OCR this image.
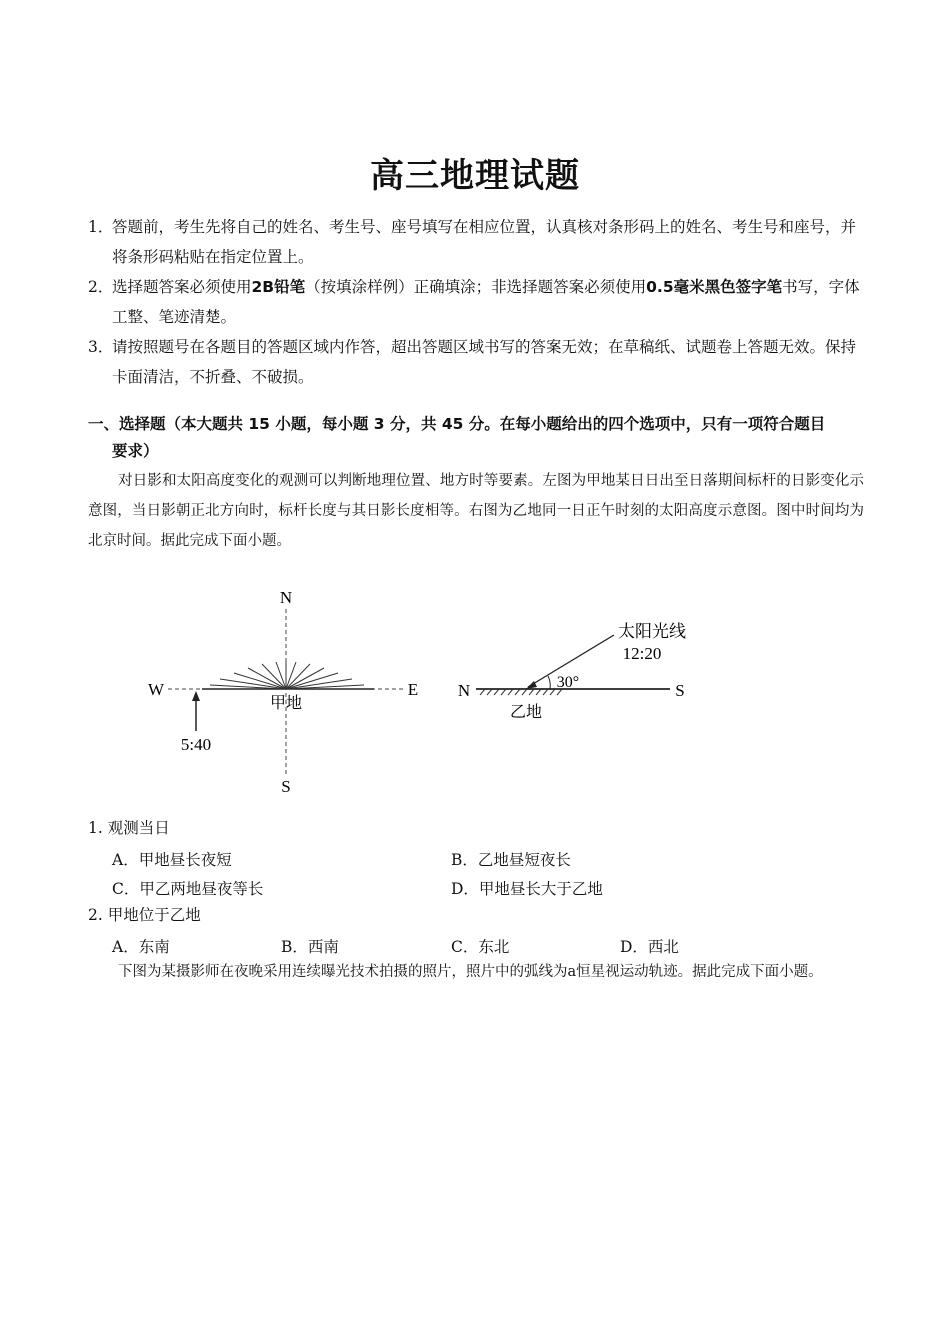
高三地理试题
1．
答题前，考生先将自己的姓名、考生号、座号填写在相应位置，认真核对条形码上的姓名、考生号和座号，并将条形码粘贴在指定位置上。
2．
选择题答案必须使用2B铅笔（按填涂样例）正确填涂；非选择题答案必须使用0.5毫米黑色签字笔书写，字体工整、笔迹清楚。
3．
请按照题号在各题目的答题区域内作答，超出答题区域书写的答案无效；在草稿纸、试题卷上答题无效。保持卡面清洁，不折叠、不破损。
一、选择题（本大题共 15 小题，每小题 3 分，共 45 分。在每小题给出的四个选项中，只有一项符合题目
要求）
对日影和太阳高度变化的观测可以判断地理位置、地方时等要素。左图为甲地某日日出至日落期间标杆的日影变化示意图，当日影朝正北方向时，标杆长度与其日影长度相等。右图为乙地同一日正午时刻的太阳高度示意图。图中时间均为北京时间。据此完成下面小题。
N
S
W	E
甲地
5:40
N	S
太阳光线
12:20
30°
乙地
1. 观测当日
A．甲地昼长夜短	B．乙地昼短夜长
C．甲乙两地昼夜等长	D．甲地昼长大于乙地
2. 甲地位于乙地
A．东南	B．西南	C．东北	D．西北
下图为某摄影师在夜晚采用连续曝光技术拍摄的照片，照片中的弧线为a恒星视运动轨迹。据此完成下面小题。
